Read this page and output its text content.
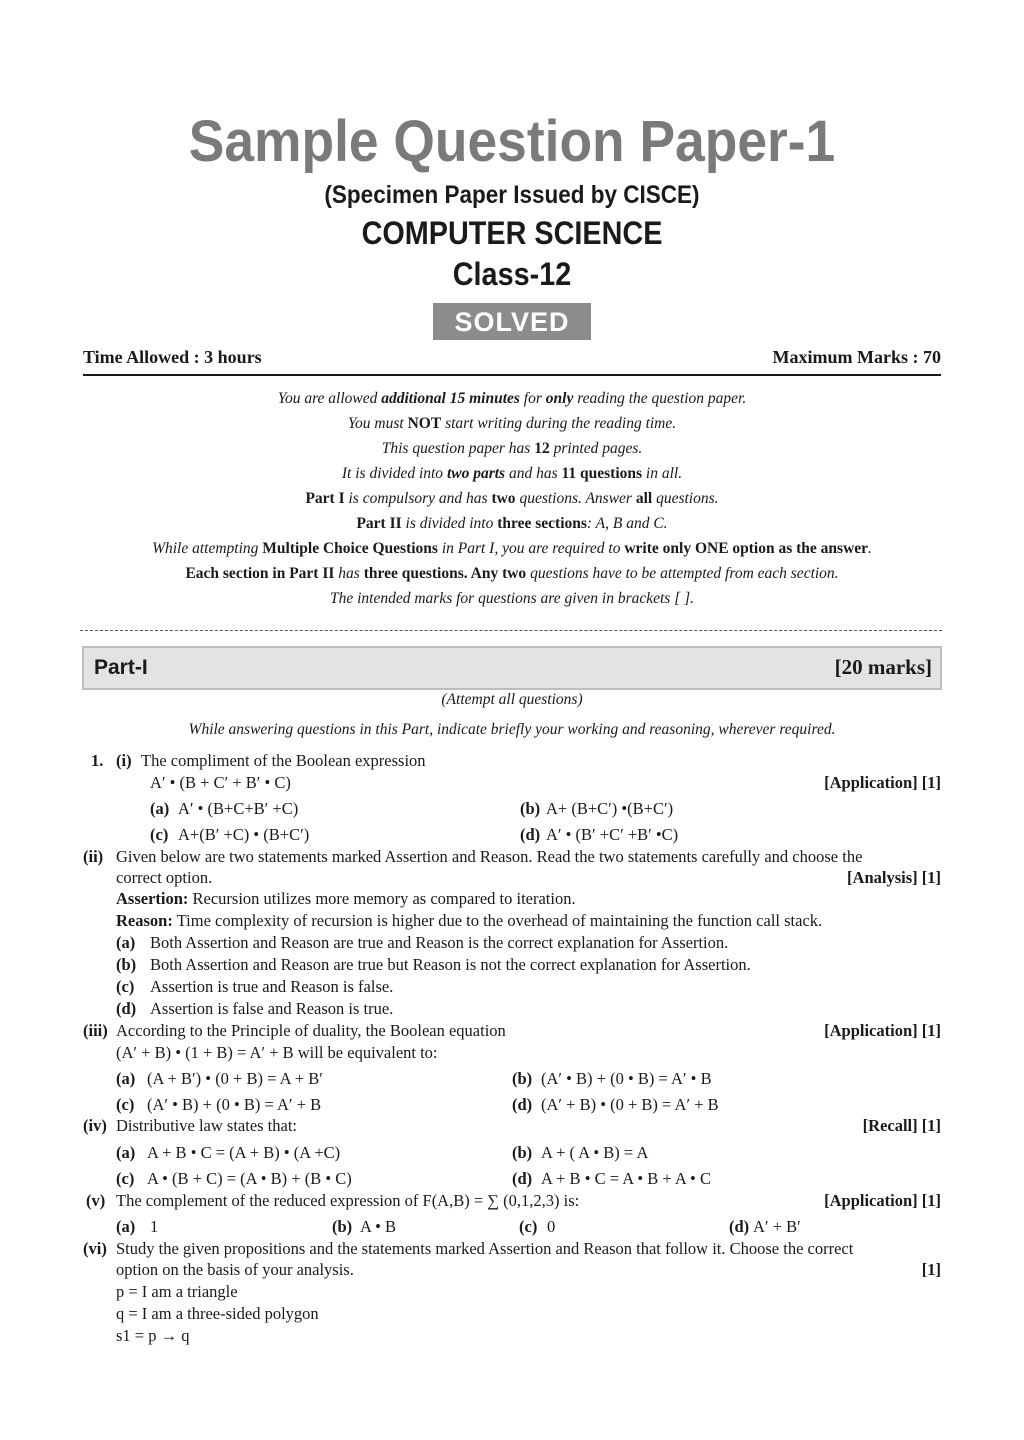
Sample Question Paper-1
(Specimen Paper Issued by CISCE)
COMPUTER SCIENCE
Class-12
SOLVED
Time Allowed : 3 hours	Maximum Marks : 70
You are allowed additional 15 minutes for only reading the question paper.
You must NOT start writing during the reading time.
This question paper has 12 printed pages.
It is divided into two parts and has 11 questions in all.
Part I is compulsory and has two questions. Answer all questions.
Part II is divided into three sections: A, B and C.
While attempting Multiple Choice Questions in Part I, you are required to write only ONE option as the answer.
Each section in Part II has three questions. Any two questions have to be attempted from each section.
The intended marks for questions are given in brackets [ ].
Part-I	[20 marks]
(Attempt all questions)
While answering questions in this Part, indicate briefly your working and reasoning, wherever required.
1. (i) The compliment of the Boolean expression
A′ • (B + C′ + B′ • C)	[Application] [1]
(a) A′ • (B+C+B′ +C)	(b) A+ (B+C′) •(B+C′)
(c) A+(B′ +C) • (B+C′)	(d) A′ • (B′ +C′ +B′ •C)
(ii) Given below are two statements marked Assertion and Reason. Read the two statements carefully and choose the
correct option.	[Analysis] [1]
Assertion: Recursion utilizes more memory as compared to iteration.
Reason: Time complexity of recursion is higher due to the overhead of maintaining the function call stack.
(a) Both Assertion and Reason are true and Reason is the correct explanation for Assertion.
(b) Both Assertion and Reason are true but Reason is not the correct explanation for Assertion.
(c) Assertion is true and Reason is false.
(d) Assertion is false and Reason is true.
(iii) According to the Principle of duality, the Boolean equation	[Application] [1]
(A′ + B) • (1 + B) = A′ + B will be equivalent to:
(a) (A + B′) • (0 + B) = A + B′	(b) (A′ • B) + (0 • B) = A′ • B
(c) (A′ • B) + (0 • B) = A′ + B	(d) (A′ + B) • (0 + B) = A′ + B
(iv) Distributive law states that:	[Recall] [1]
(a) A + B • C = (A + B) • (A +C)	(b) A + ( A • B) = A
(c) A • (B + C) = (A • B) + (B • C)	(d) A + B • C = A • B + A • C
(v) The complement of the reduced expression of F(A,B) = ∑ (0,1,2,3) is:	[Application] [1]
(a) 1	(b) A • B	(c) 0	(d) A′ + B′
(vi) Study the given propositions and the statements marked Assertion and Reason that follow it. Choose the correct
option on the basis of your analysis.	[1]
p = I am a triangle
q = I am a three-sided polygon
s1 = p → q
